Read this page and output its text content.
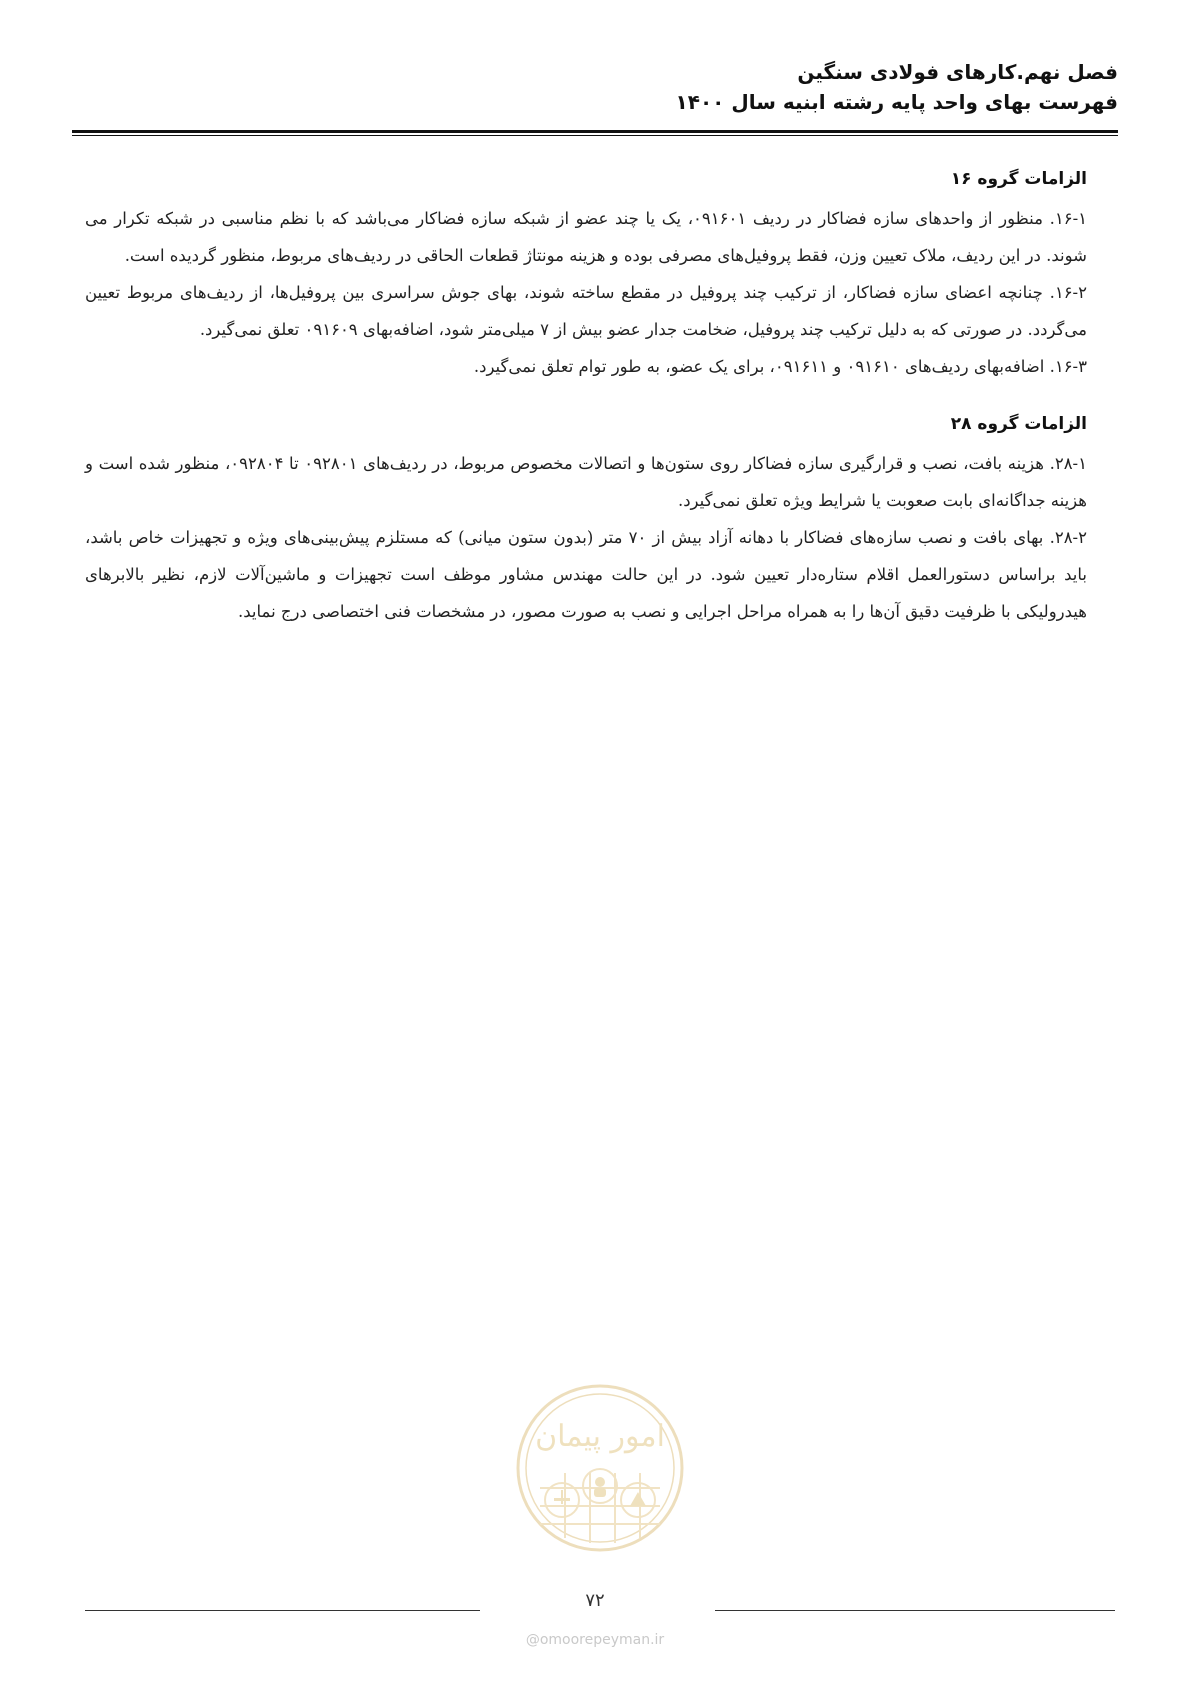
فصل نهم.کارهای فولادی سنگین
فهرست بهای واحد پایه رشته ابنیه سال ۱۴۰۰
الزامات گروه ۱۶

۱۶-۱. منظور از واحدهای سازه فضاکار در ردیف ۰۹۱۶۰۱، یک یا چند عضو از شبکه سازه فضاکار می‌باشد که با نظم مناسبی در شبکه تکرار می شوند. در این ردیف، ملاک تعیین وزن، فقط پروفیل‌های مصرفی بوده و هزینه مونتاژ قطعات الحاقی در ردیف‌های مربوط، منظور گردیده است.

۱۶-۲. چنانچه اعضای سازه فضاکار، از ترکیب چند پروفیل در مقطع ساخته شوند، بهای جوش سراسری بین پروفیل‌ها، از ردیف‌های مربوط تعیین می‌گردد. در صورتی که به دلیل ترکیب چند پروفیل، ضخامت جدار عضو بیش از ۷ میلی‌متر شود، اضافه‌بهای ۰۹۱۶۰۹ تعلق نمی‌گیرد.

۱۶-۳. اضافه‌بهای ردیف‌های ۰۹۱۶۱۰ و ۰۹۱۶۱۱، برای یک عضو، به طور توام تعلق نمی‌گیرد.

الزامات گروه ۲۸

۲۸-۱. هزینه بافت، نصب و قرارگیری سازه فضاکار روی ستون‌ها و اتصالات مخصوص مربوط، در ردیف‌های ۰۹۲۸۰۱ تا ۰۹۲۸۰۴، منظور شده است و هزینه جداگانه‌ای بابت صعوبت یا شرایط ویژه تعلق نمی‌گیرد.

۲۸-۲. بهای بافت و نصب سازه‌های فضاکار با دهانه آزاد بیش از ۷۰ متر (بدون ستون میانی) که مستلزم پیش‌بینی‌های ویژه و تجهیزات خاص باشد، باید براساس دستورالعمل اقلام ستاره‌دار تعیین شود. در این حالت مهندس مشاور موظف است تجهیزات و ماشین‌آلات لازم، نظیر بالابرهای هیدرولیکی با ظرفیت دقیق آن‌ها را به همراه مراحل اجرایی و نصب به صورت مصور، در مشخصات فنی اختصاصی درج نماید.

امور پیمان
۷۲
@omoorepeyman.ir
